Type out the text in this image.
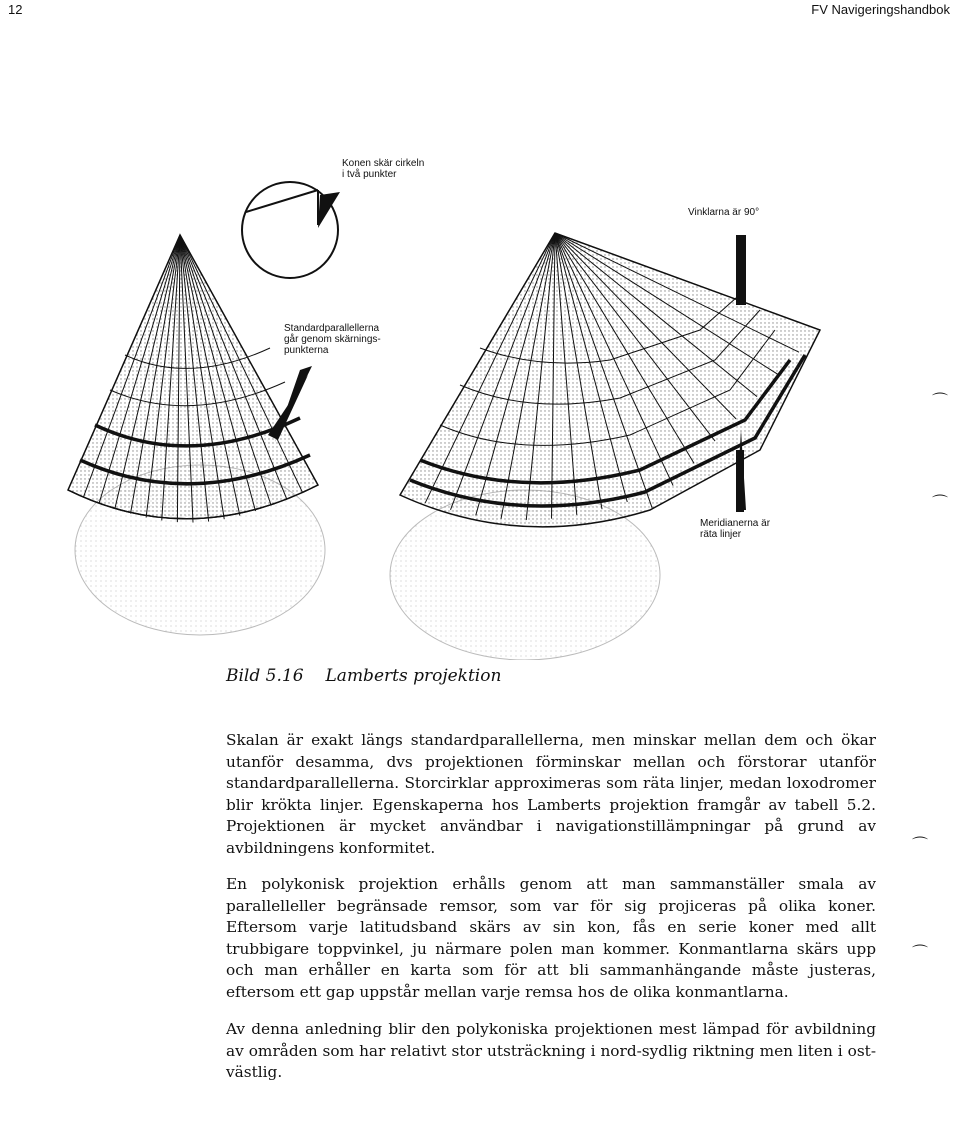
12	FV Navigeringshandbok
Konen skär cirkeln
i två punkter
Standardparallellerna
går genom skärnings-
punkterna
Vinklarna är 90°
Meridianerna är
räta linjer
Bild 5.16 Lamberts projektion

Skalan är exakt längs standardparallellerna, men minskar mellan dem och ökar utanför desamma, dvs projektionen förminskar mellan och förstorar utanför standardparallellerna. Storcirklar approximeras som räta linjer, medan loxodromer blir krökta linjer. Egenskaperna hos Lamberts projektion framgår av tabell 5.2. Projektionen är mycket användbar i navigationstillämpningar på grund av avbildningens konformitet.

En polykonisk projektion erhålls genom att man sammanställer smala av parallelleller begränsade remsor, som var för sig projiceras på olika koner. Eftersom varje latitudsband skärs av sin kon, fås en serie koner med allt trubbigare toppvinkel, ju närmare polen man kommer. Konmantlarna skärs upp och man erhåller en karta som för att bli sammanhängande måste justeras, eftersom ett gap uppstår mellan varje remsa hos de olika konmantlarna.

Av denna anledning blir den polykoniska projektionen mest lämpad för avbildning av områden som har relativt stor utsträckning i nord-sydlig riktning men liten i ost-västlig.

⌒
⌒
⌒
⌒
